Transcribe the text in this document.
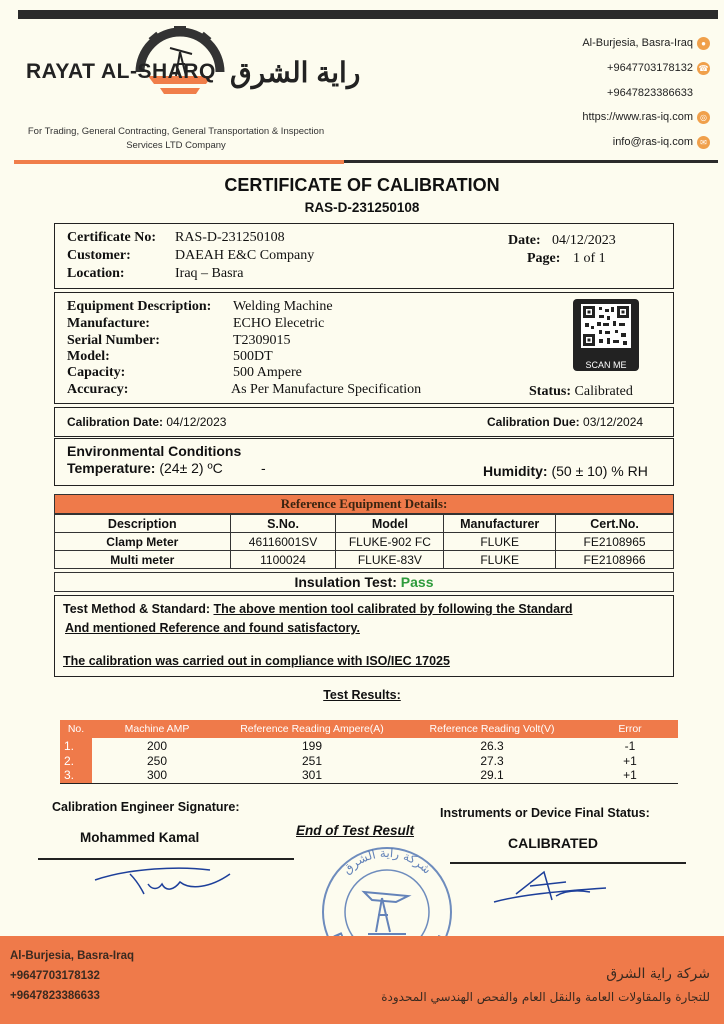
RAYAT AL-SHARQ راية الشرق
For Trading, General Contracting, General Transportation & Inspection Services LTD Company
Al-Burjesia, Basra-Iraq ●
+9647703178132 ☎
+9647823386633
https://www.ras-iq.com ◎
info@ras-iq.com ✉
CERTIFICATE OF CALIBRATION
RAS-D-231250108
Certificate No: RAS-D-231250108
Customer:	DAEAH E&C Company
Location:	Iraq – Basra
Date: 04/12/2023
Page: 1 of 1
Equipment Description: Welding Machine
Manufacture:	ECHO Elecetric
Serial Number:	T2309015
Model:	500DT
Capacity:	500 Ampere
Accuracy:	As Per Manufacture Specification
SCAN ME
Status: Calibrated
Calibration Date: 04/12/2023	Calibration Due: 03/12/2024
Environmental Conditions
Temperature: (24± 2) ºC	-	Humidity: (50 ± 10) % RH
Reference Equipment Details:
Description	S.No.	Model	Manufacturer	Cert.No.
Clamp Meter	46116001SV	FLUKE-902 FC	FLUKE	FE2108965
Multi meter	1100024	FLUKE-83V	FLUKE	FE2108966
Insulation Test: Pass
Test Method & Standard: The above mention tool calibrated by following the Standard
And mentioned Reference and found satisfactory.
The calibration was carried out in compliance with ISO/IEC 17025
Test Results:
No.	Machine AMP	Reference Reading Ampere(A)	Reference Reading Volt(V)	Error
1.	200	199	26.3	-1
2.	250	251	27.3	+1
3.	300	301	29.1	+1
Calibration Engineer Signature:
Mohammed Kamal	End of Test Result
Instruments or Device Final Status:
CALIBRATED
شركة راية الشرق
Al-Burjesia, Basra-Iraq
+9647703178132
+9647823386633
شركة راية الشرق
للتجارة والمقاولات العامة والنقل العام والفحص الهندسي المحدودة
